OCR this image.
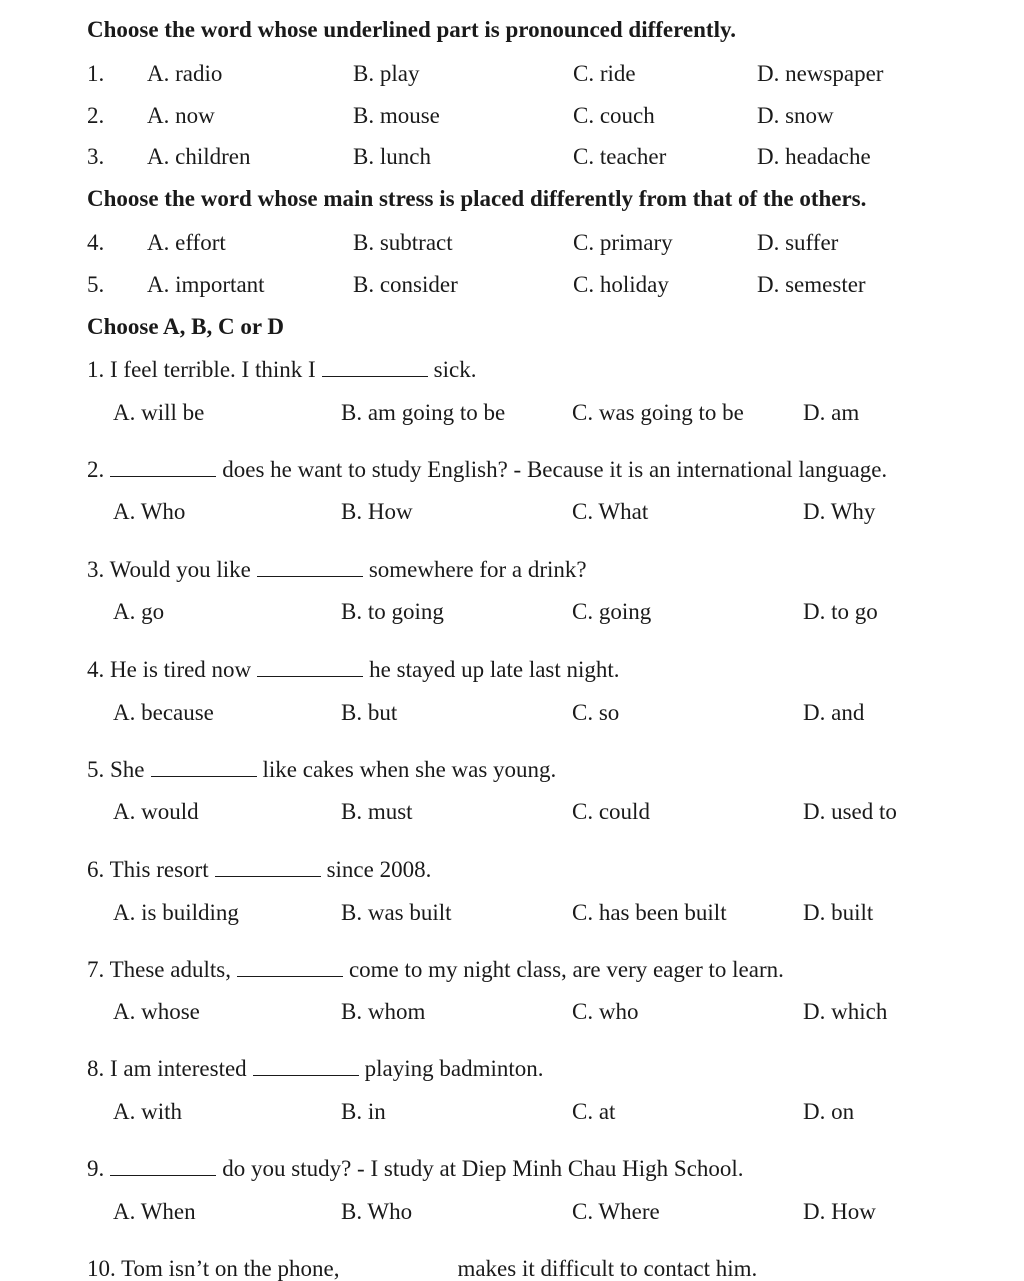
Choose the word whose underlined part is pronounced differently.
1. A. radio	B. play	C. ride	D. newspaper
2. A. now	B. mouse	C. couch	D. snow
3. A. children	B. lunch	C. teacher	D. headache
Choose the word whose main stress is placed differently from that of the others.
4. A. effort	B. subtract	C. primary	D. suffer
5. A. important	B. consider	C. holiday	D. semester
Choose A, B, C or D
1. I feel terrible. I think I	sick.
A. will be	B. am going to be	C. was going to be	D. am
2.	does he want to study English? - Because it is an international language.
A. Who	B. How	C. What	D. Why
3. Would you like	somewhere for a drink?
A. go	B. to going	C. going	D. to go
4. He is tired now	he stayed up late last night.
A. because	B. but	C. so	D. and
5. She	like cakes when she was young.
A. would	B. must	C. could	D. used to
6. This resort	since 2008.
A. is building	B. was built	C. has been built	D. built
7. These adults,	come to my night class, are very eager to learn.
A. whose	B. whom	C. who	D. which
8. I am interested	playing badminton.
A. with	B. in	C. at	D. on
9.	do you study? - I study at Diep Minh Chau High School.
A. When	B. Who	C. Where	D. How
10. Tom isn’t on the phone,	makes it difficult to contact him.
